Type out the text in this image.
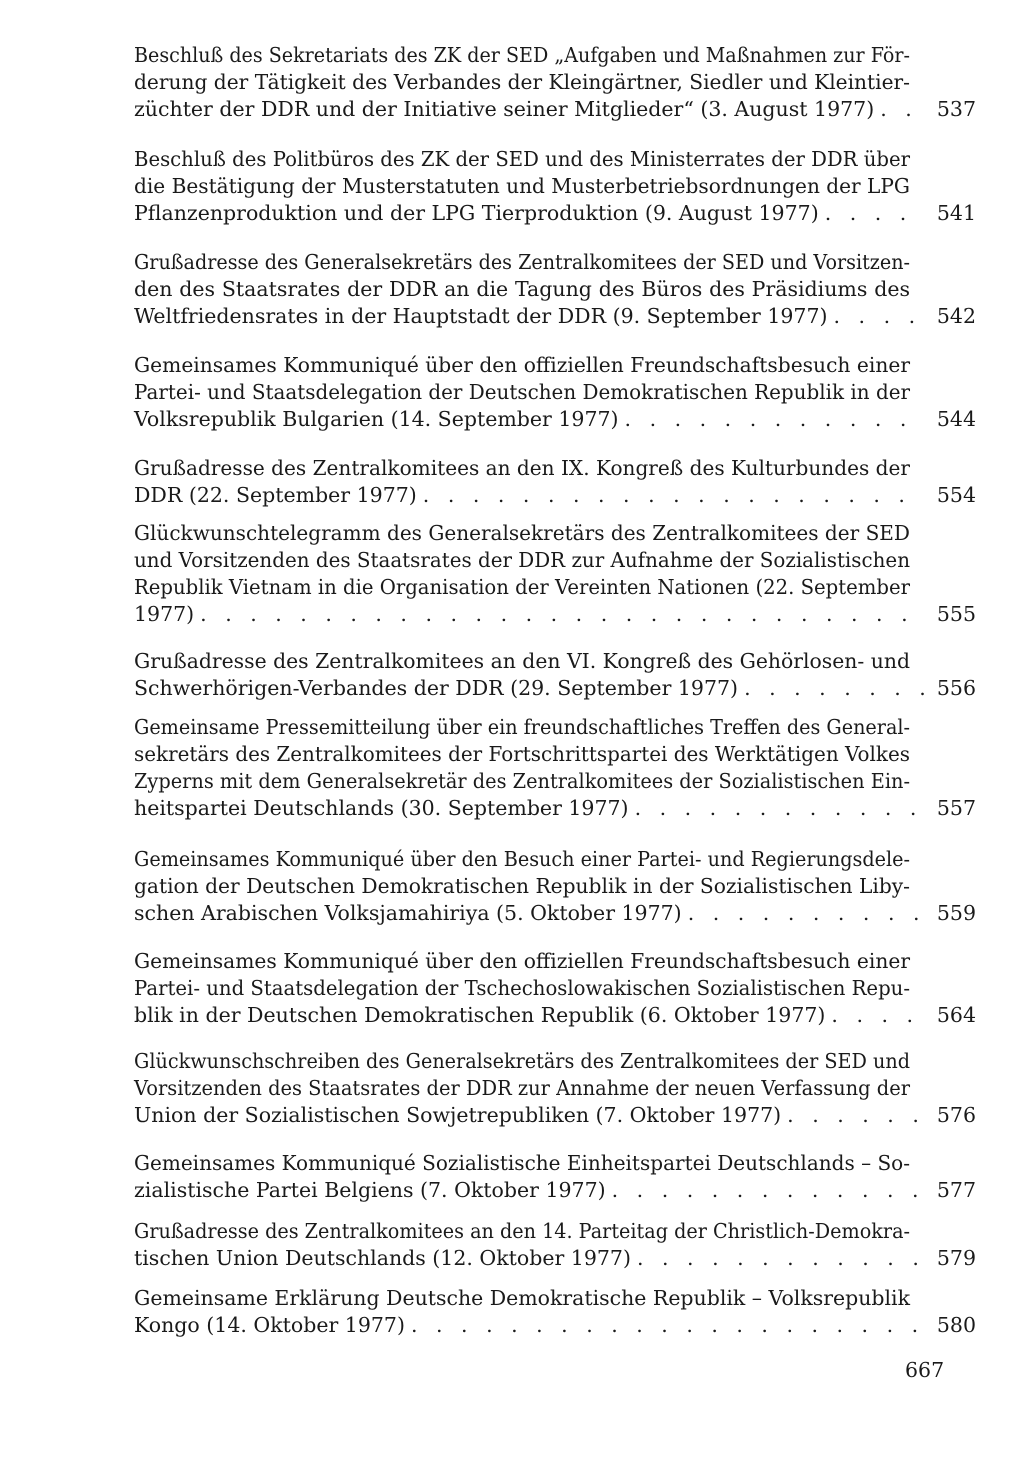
Beschluß des Sekretariats des ZK der SED „Aufgaben und Maßnahmen zur För-
derung der Tätigkeit des Verbandes der Kleingärtner, Siedler und Kleintier-
züchter der DDR und der Initiative seiner Mitglieder“ (3. August 1977) . . .	537
Beschluß des Politbüros des ZK der SED und des Ministerrates der DDR über
die Bestätigung der Musterstatuten und Musterbetriebsordnungen der LPG
Pflanzenproduktion und der LPG Tierproduktion (9. August 1977) . . .	541
Grußadresse des Generalsekretärs des Zentralkomitees der SED und Vorsitzen-
den des Staatsrates der DDR an die Tagung des Büros des Präsidiums des
Weltfriedensrates in der Hauptstadt der DDR (9. September 1977) . . .	542
Gemeinsames Kommuniqué über den offiziellen Freundschaftsbesuch einer
Partei- und Staatsdelegation der Deutschen Demokratischen Republik in der
Volksrepublik Bulgarien (14. September 1977) . . .	544
Grußadresse des Zentralkomitees an den IX. Kongreß des Kulturbundes der
DDR (22. September 1977) . . .	554
Glückwunschtelegramm des Generalsekretärs des Zentralkomitees der SED
und Vorsitzenden des Staatsrates der DDR zur Aufnahme der Sozialistischen
Republik Vietnam in die Organisation der Vereinten Nationen (22. September
1977) . . .	555
Grußadresse des Zentralkomitees an den VI. Kongreß des Gehörlosen- und
Schwerhörigen-Verbandes der DDR (29. September 1977) . . .	556
Gemeinsame Pressemitteilung über ein freundschaftliches Treffen des General-
sekretärs des Zentralkomitees der Fortschrittspartei des Werktätigen Volkes
Zyperns mit dem Generalsekretär des Zentralkomitees der Sozialistischen Ein-
heitspartei Deutschlands (30. September 1977) . . .	557
Gemeinsames Kommuniqué über den Besuch einer Partei- und Regierungsdele-
gation der Deutschen Demokratischen Republik in der Sozialistischen Liby-
schen Arabischen Volksjamahiriya (5. Oktober 1977) . . .	559
Gemeinsames Kommuniqué über den offiziellen Freundschaftsbesuch einer
Partei- und Staatsdelegation der Tschechoslowakischen Sozialistischen Repu-
blik in der Deutschen Demokratischen Republik (6. Oktober 1977) . . .	564
Glückwunschschreiben des Generalsekretärs des Zentralkomitees der SED und
Vorsitzenden des Staatsrates der DDR zur Annahme der neuen Verfassung der
Union der Sozialistischen Sowjetrepubliken (7. Oktober 1977) . . .	576
Gemeinsames Kommuniqué Sozialistische Einheitspartei Deutschlands – So-
zialistische Partei Belgiens (7. Oktober 1977) . . .	577
Grußadresse des Zentralkomitees an den 14. Parteitag der Christlich-Demokra-
tischen Union Deutschlands (12. Oktober 1977) . . .	579
Gemeinsame Erklärung Deutsche Demokratische Republik – Volksrepublik
Kongo (14. Oktober 1977) . . .	580
667
